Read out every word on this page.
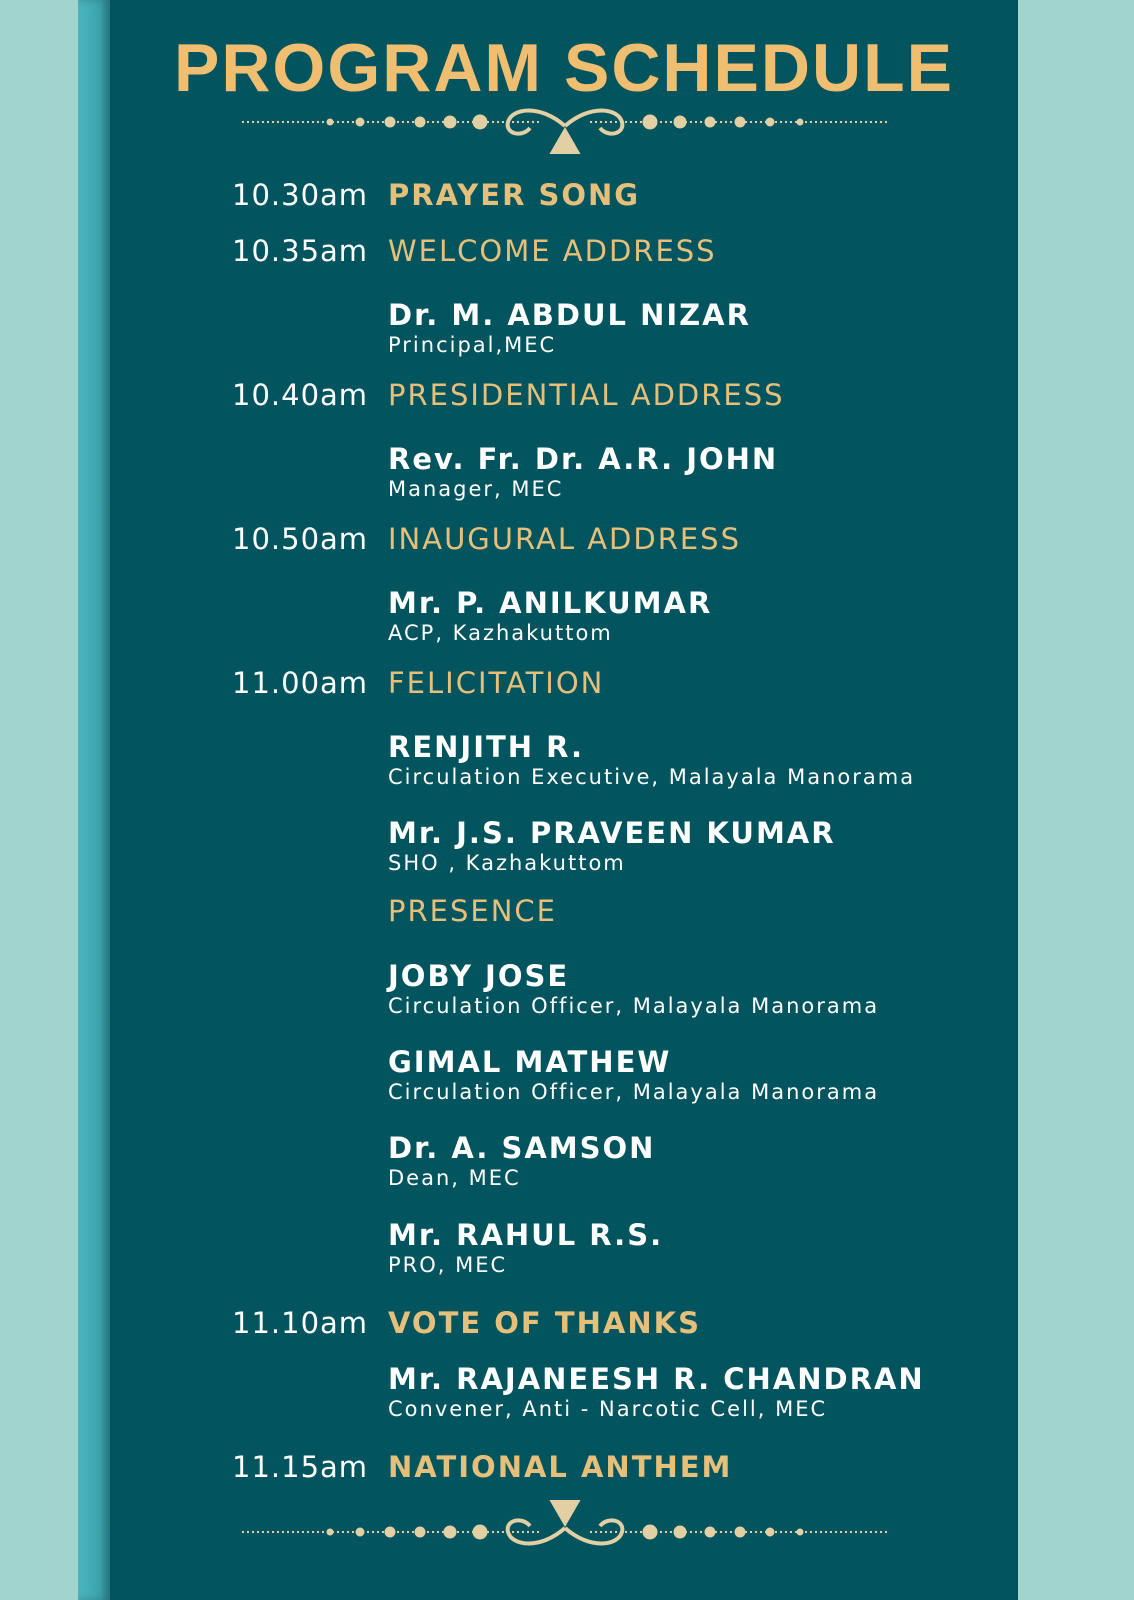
PROGRAM SCHEDULE
10.30am PRAYER SONG
10.35am WELCOME ADDRESS
Dr. M. ABDUL NIZAR
Principal,MEC
10.40am PRESIDENTIAL ADDRESS
Rev. Fr. Dr. A.R. JOHN
Manager, MEC
10.50am INAUGURAL ADDRESS
Mr. P. ANILKUMAR
ACP, Kazhakuttom
11.00am FELICITATION
RENJITH R.
Circulation Executive, Malayala Manorama
Mr. J.S. PRAVEEN KUMAR
SHO , Kazhakuttom
PRESENCE
JOBY JOSE
Circulation Officer, Malayala Manorama
GIMAL MATHEW
Circulation Officer, Malayala Manorama
Dr. A. SAMSON
Dean, MEC
Mr. RAHUL R.S.
PRO, MEC
11.10am VOTE OF THANKS
Mr. RAJANEESH R. CHANDRAN
Convener, Anti - Narcotic Cell, MEC
11.15am NATIONAL ANTHEM
